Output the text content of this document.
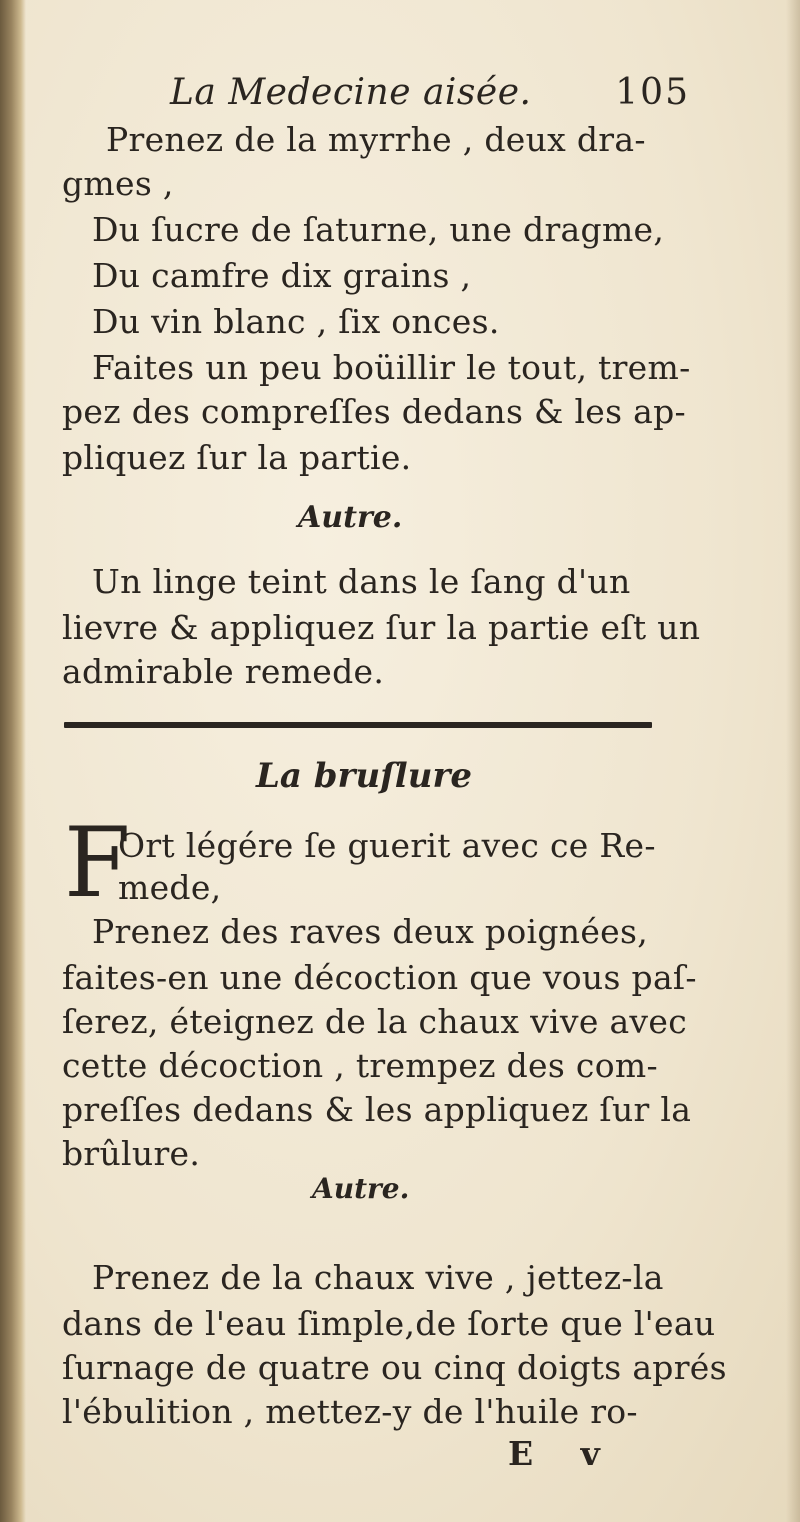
La Medecine aisée. 105
Prenez de la myrrhe , deux dra-
gmes ,
Du ſucre de ſaturne, une dragme,
Du camfre dix grains ,
Du vin blanc , ſix onces.
Faites un peu boüillir le tout, trem-
pez des compreſſes dedans & les ap-
pliquez ſur la partie.
Autre.
Un linge teint dans le ſang d'un
lievre & appliquez ſur la partie eſt un
admirable remede.
La bruſlure
F
Ort légére ſe guerit avec ce Re-
mede,
Prenez des raves deux poignées,
faites-en une décoction que vous paſ-
ſerez, éteignez de la chaux vive avec
cette décoction , trempez des com-
preſſes dedans & les appliquez ſur la
brûlure.
Autre.
Prenez de la chaux vive , jettez-la
dans de l'eau ſimple,de ſorte que l'eau
ſurnage de quatre ou cinq doigts aprés
l'ébulition , mettez-y de l'huile ro-
E v
